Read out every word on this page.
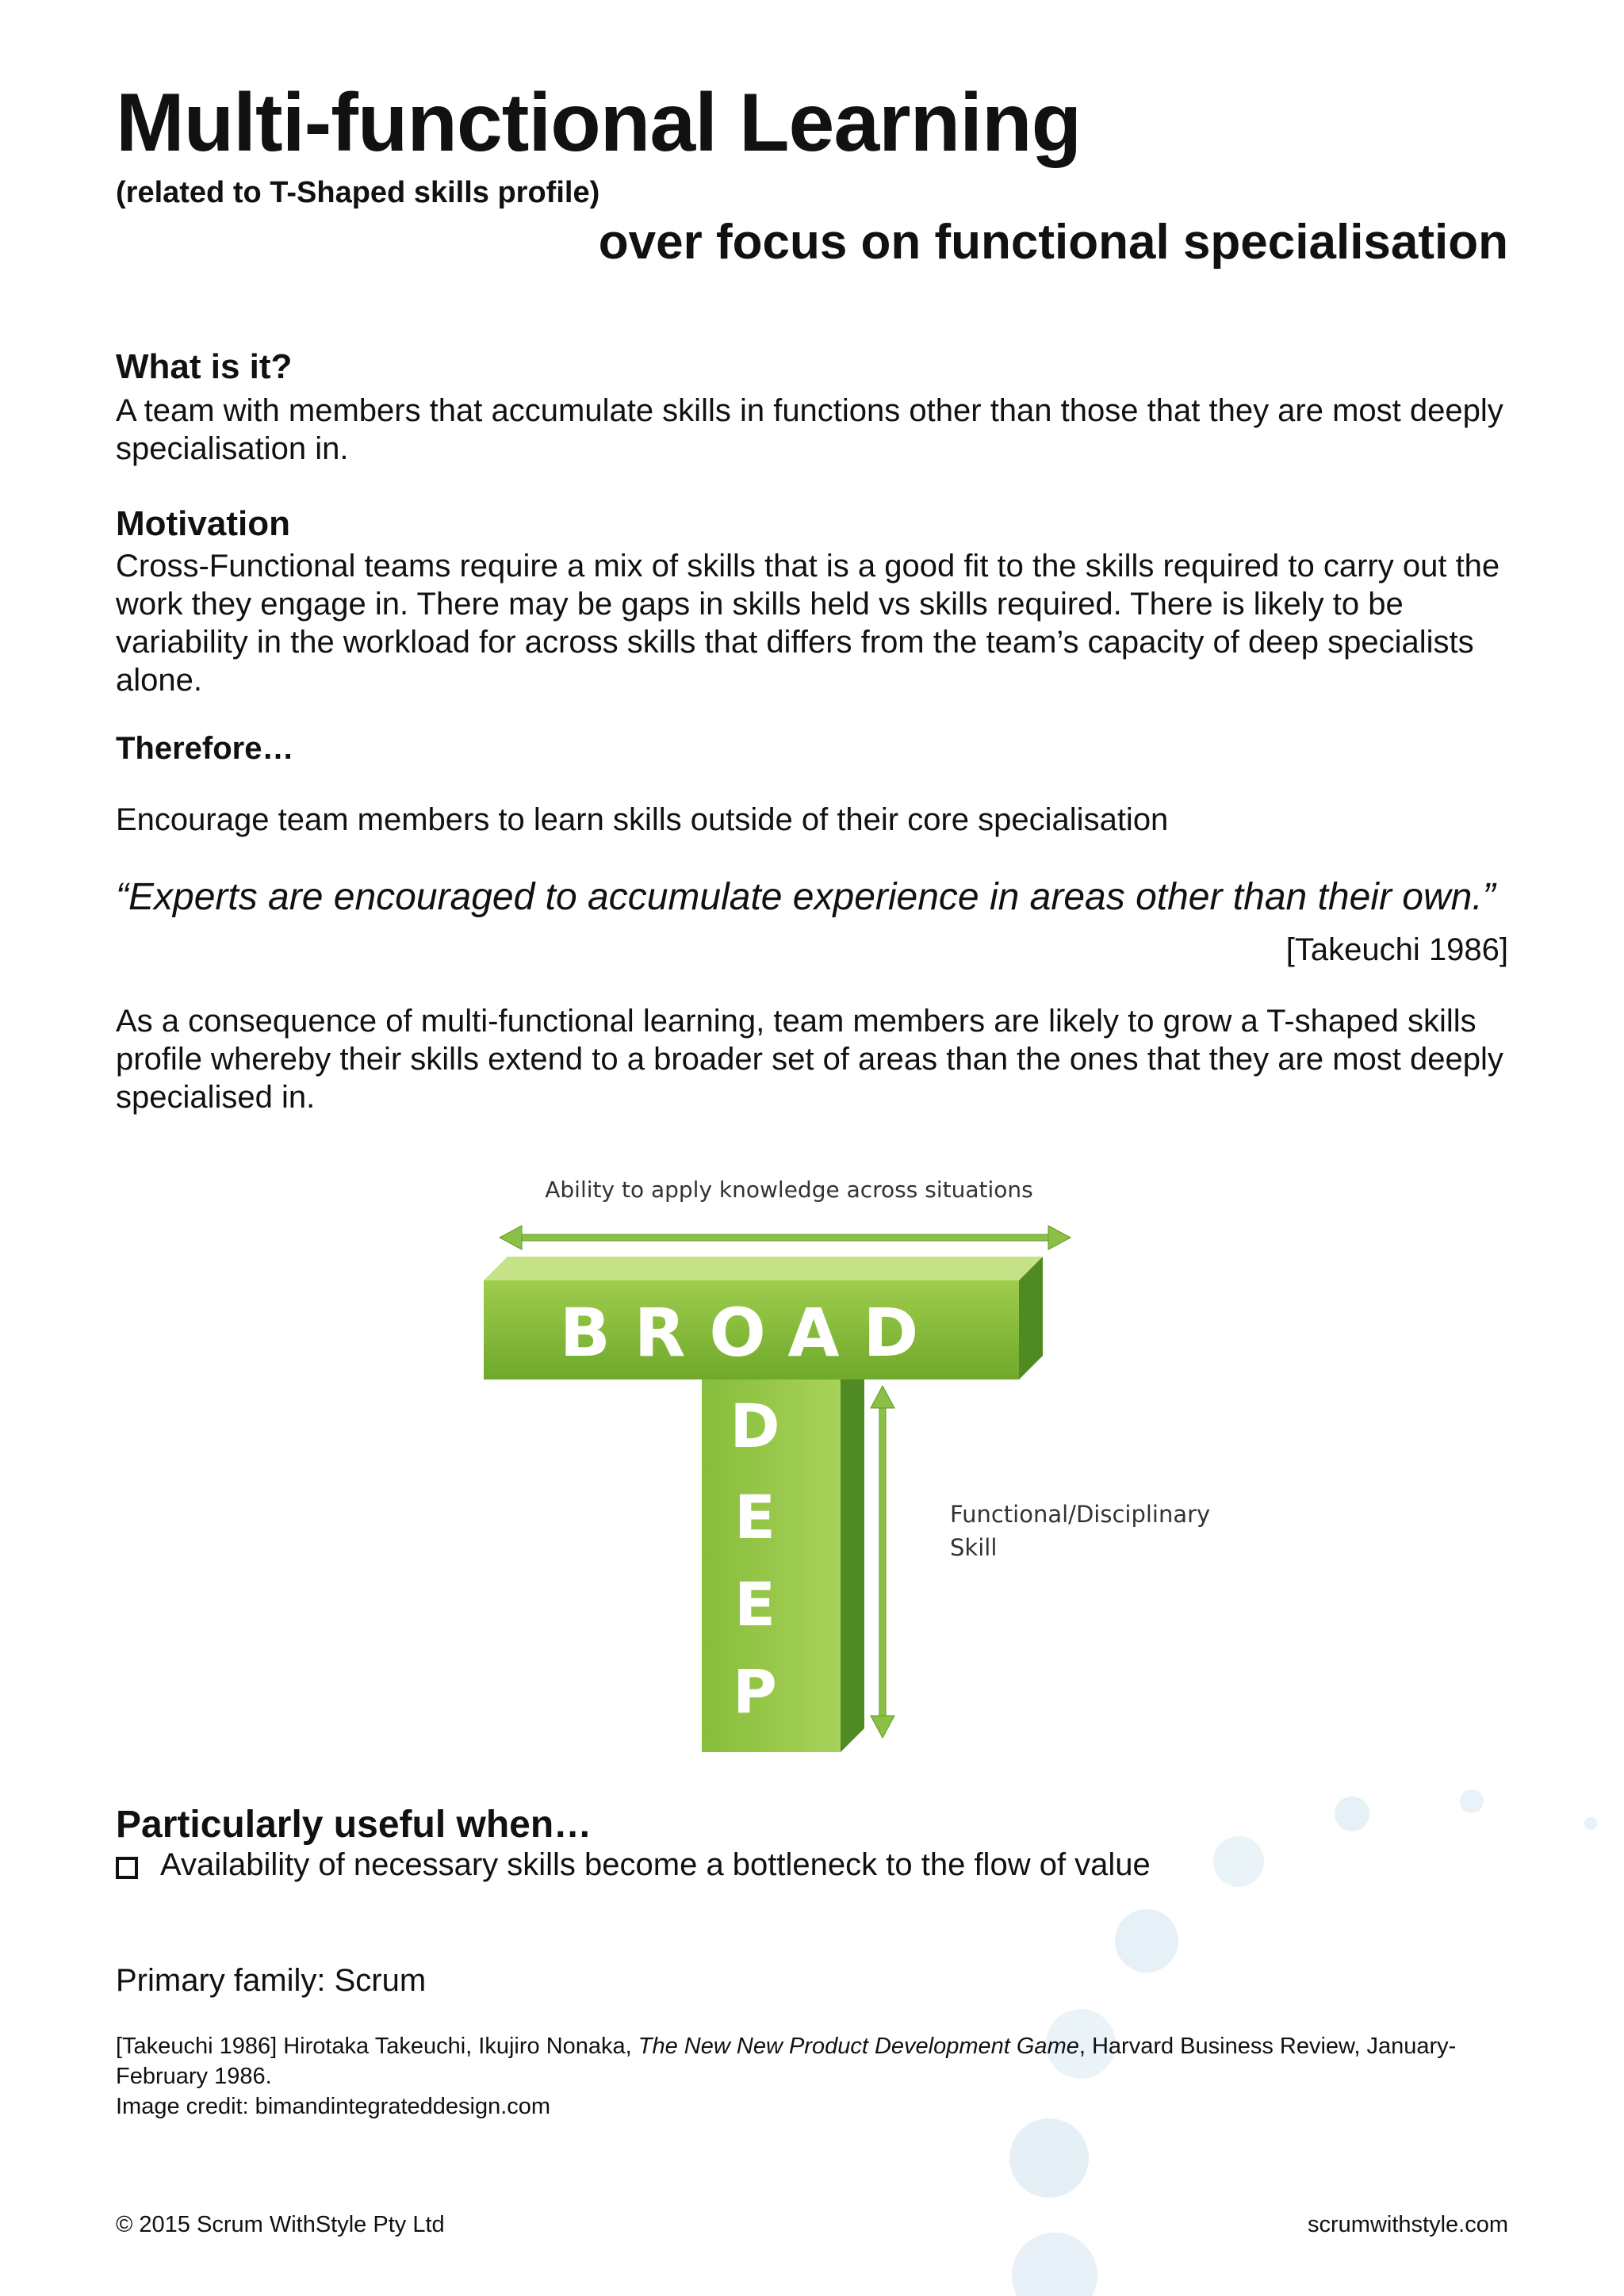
Multi-functional Learning
(related to T-Shaped skills profile)
over focus on functional specialisation
What is it?
A team with members that accumulate skills in functions other than those that they are most deeply specialisation in.
Motivation
Cross-Functional teams require a mix of skills that is a good fit to the skills required to carry out the work they engage in. There may be gaps in skills held vs skills required. There is likely to be variability in the workload for across skills that differs from the team’s capacity of deep specialists alone.
Therefore…
Encourage team members to learn skills outside of their core specialisation
“Experts are encouraged to accumulate experience in areas other than their own.”
[Takeuchi 1986]
As a consequence of multi-functional learning, team members are likely to grow a T-shaped skills profile whereby their skills extend to a broader set of areas than the ones that they are most deeply specialised in.
Ability to apply knowledge across situations
BROAD
D
E
E
P
Functional/Disciplinary
Skill
Particularly useful when…
Availability of necessary skills become a bottleneck to the flow of value
Primary family: Scrum
[Takeuchi 1986] Hirotaka Takeuchi, Ikujiro Nonaka, The New New Product Development Game, Harvard Business Review, January-February 1986.
Image credit: bimandintegrateddesign.com
© 2015 Scrum WithStyle Pty Ltd	scrumwithstyle.com
